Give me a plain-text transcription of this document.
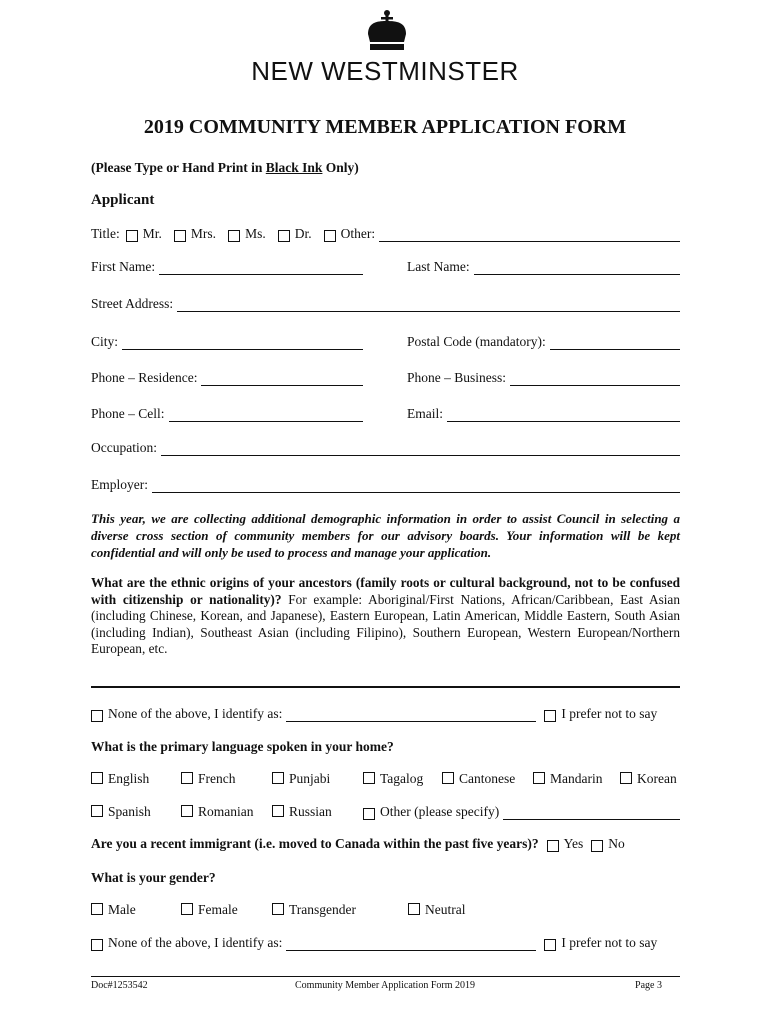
NEW WESTMINSTER
2019 COMMUNITY MEMBER APPLICATION FORM
(Please Type or Hand Print in Black Ink Only)
Applicant
Title: Mr. Mrs. Ms. Dr. Other:
First Name:	Last Name:
Street Address:
City:	Postal Code (mandatory):
Phone – Residence:	Phone – Business:
Phone – Cell:	Email:
Occupation:
Employer:
This year, we are collecting additional demographic information in order to assist Council in selecting a diverse cross section of community members for our advisory boards. Your information will be kept confidential and will only be used to process and manage your application.
What are the ethnic origins of your ancestors (family roots or cultural background, not to be confused with citizenship or nationality)? For example: Aboriginal/First Nations, African/Caribbean, East Asian (including Chinese, Korean, and Japanese), Eastern European, Latin American, Middle Eastern, South Asian (including Indian), Southeast Asian (including Filipino), Southern European, Western European/Northern European, etc.
None of the above, I identify as:	I prefer not to say
What is the primary language spoken in your home?
English	French	Punjabi	Tagalog	Cantonese	Mandarin	Korean
Spanish	Romanian	Russian	Other (please specify)
Are you a recent immigrant (i.e. moved to Canada within the past five years)? Yes No
What is your gender?
Male	Female	Transgender	Neutral
None of the above, I identify as:	I prefer not to say
Doc#1253542	Community Member Application Form 2019	Page 3
